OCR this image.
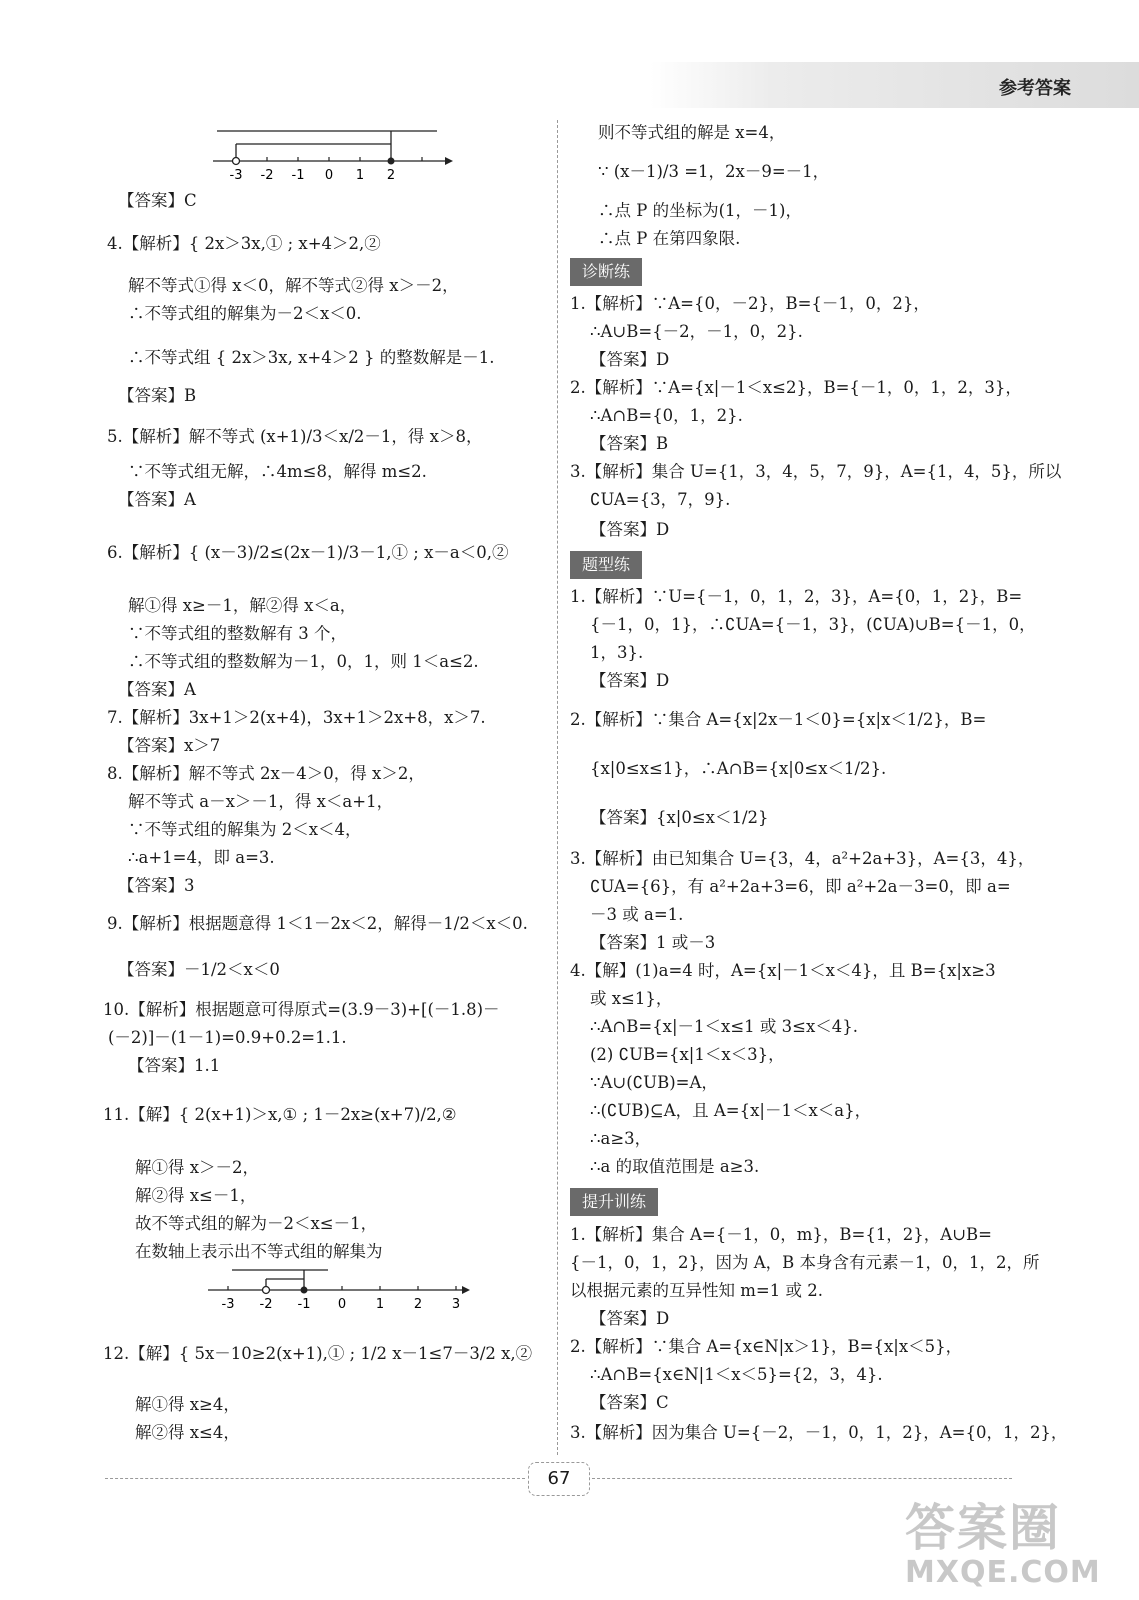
参考答案
-3 -2 -1 0 1 2
-3 -2 -1 0 1 2 3
【答案】C
4.【解析】{ 2x＞3x,① ; x+4＞2,②
解不等式①得 x＜0，解不等式②得 x＞－2，
∴不等式组的解集为－2＜x＜0.
∴不等式组 { 2x＞3x, x+4＞2 } 的整数解是－1.
【答案】B
5.【解析】解不等式 (x+1)/3＜x/2－1，得 x＞8，
∵不等式组无解，∴4m≤8，解得 m≤2.
【答案】A
6.【解析】{ (x－3)/2≤(2x－1)/3－1,① ; x－a＜0,②
解①得 x≥－1，解②得 x＜a，
∵不等式组的整数解有 3 个，
∴不等式组的整数解为－1，0，1，则 1＜a≤2.
【答案】A
7.【解析】3x+1＞2(x+4)，3x+1＞2x+8，x＞7.
【答案】x＞7
8.【解析】解不等式 2x－4＞0，得 x＞2，
解不等式 a－x＞－1，得 x＜a+1，
∵不等式组的解集为 2＜x＜4，
∴a+1=4，即 a=3.
【答案】3
9.【解析】根据题意得 1＜1－2x＜2，解得－1/2＜x＜0.
【答案】－1/2＜x＜0
10.【解析】根据题意可得原式=(3.9－3)+[(－1.8)－
(－2)]－(1－1)=0.9+0.2=1.1.
【答案】1.1
11.【解】{ 2(x+1)＞x,① ; 1－2x≥(x+7)/2,②
解①得 x＞－2，
解②得 x≤－1，
故不等式组的解为－2＜x≤－1，
在数轴上表示出不等式组的解集为
12.【解】{ 5x－10≥2(x+1),① ; 1/2 x－1≤7－3/2 x,②
解①得 x≥4，
解②得 x≤4，
则不等式组的解是 x=4，
∵ (x－1)/3 =1，2x－9=－1，
∴点 P 的坐标为(1，－1)，
∴点 P 在第四象限.
诊断练
1.【解析】∵A={0，－2}，B={－1，0，2}，
∴A∪B={－2，－1，0，2}.
【答案】D
2.【解析】∵A={x|－1＜x≤2}，B={－1，0，1，2，3}，
∴A∩B={0，1，2}.
【答案】B
3.【解析】集合 U={1，3，4，5，7，9}，A={1，4，5}，所以
∁UA={3，7，9}.
【答案】D
题型练
1.【解析】∵U={－1，0，1，2，3}，A={0，1，2}，B=
{－1，0，1}，∴∁UA={－1，3}，(∁UA)∪B={－1，0，
1，3}.
【答案】D
2.【解析】∵集合 A={x|2x－1＜0}={x|x＜1/2}，B=
{x|0≤x≤1}，∴A∩B={x|0≤x＜1/2}.
【答案】{x|0≤x＜1/2}
3.【解析】由已知集合 U={3，4，a²+2a+3}，A={3，4}，
∁UA={6}，有 a²+2a+3=6，即 a²+2a－3=0，即 a=
－3 或 a=1.
【答案】1 或－3
4.【解】(1)a=4 时，A={x|－1＜x＜4}，且 B={x|x≥3
或 x≤1}，
∴A∩B={x|－1＜x≤1 或 3≤x＜4}.
(2) ∁UB={x|1＜x＜3}，
∵A∪(∁UB)=A，
∴(∁UB)⊆A，且 A={x|－1＜x＜a}，
∴a≥3，
∴a 的取值范围是 a≥3.
提升训练
1.【解析】集合 A={－1，0，m}，B={1，2}，A∪B=
{－1，0，1，2}，因为 A，B 本身含有元素－1，0，1，2，所
以根据元素的互异性知 m=1 或 2.
【答案】D
2.【解析】∵集合 A={x∈N|x＞1}，B={x|x＜5}，
∴A∩B={x∈N|1＜x＜5}={2，3，4}.
【答案】C
3.【解析】因为集合 U={－2，－1，0，1，2}，A={0，1，2}，
67
答案圈
MXQE.COM
